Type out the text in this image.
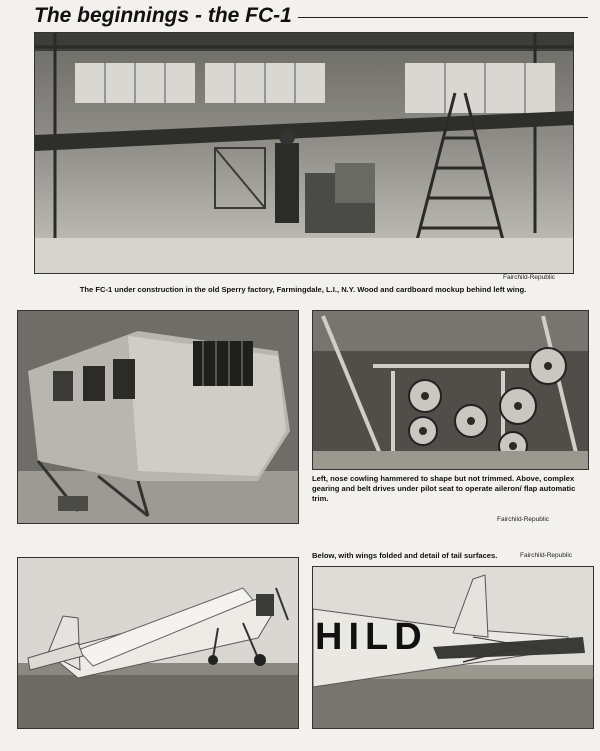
The beginnings - the FC-1
Fairchild-Republic
The FC-1 under construction in the old Sperry factory, Farmingdale, L.I., N.Y. Wood and cardboard mockup behind left wing.
Left, nose cowling hammered to shape but not trimmed. Above, complex gearing and belt drives under pilot seat to operate aileron/ flap automatic trim.
Fairchild-Republic
Below, with wings folded and detail of tail surfaces.	Fairchild-Republic
HILD
